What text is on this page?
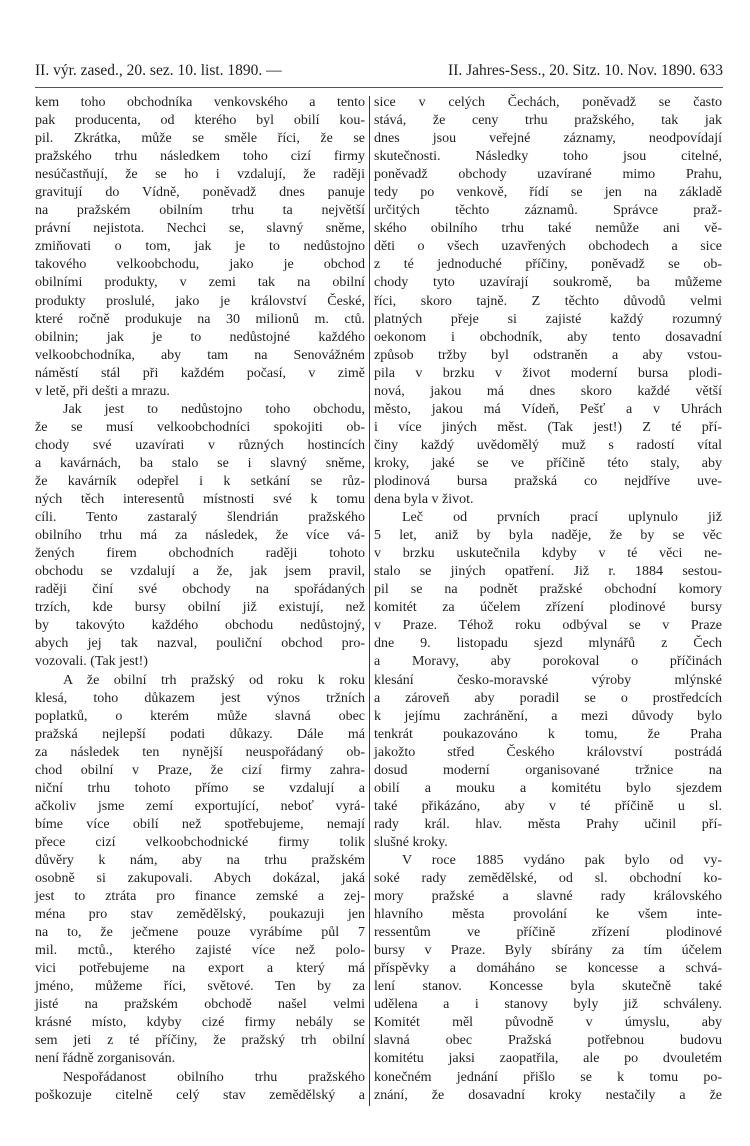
II. výr. zased., 20. sez. 10. list. 1890. —	II. Jahres-Sess., 20. Sitz. 10. Nov. 1890. 633
kem toho obchodníka venkovského a tento
pak producenta, od kterého byl obilí kou-
pil. Zkrátka, může se směle říci, že se
pražského trhu následkem toho cizí firmy
nesúčastňují, že se ho i vzdalují, že raději
gravitují do Vídně, poněvadž dnes panuje
na pražském obilním trhu ta největší
právní nejistota. Nechci se, slavný sněme,
zmiňovati o tom, jak je to nedůstojno
takového velkoobchodu, jako je obchod
obilními produkty, v zemi tak na obilní
produkty proslulé, jako je království České,
které ročně produkuje na 30 milionů m. ctů.
obilnin; jak je to nedůstojné každého
velkoobchodníka, aby tam na Senovážném
náměstí stál při každém počasí, v zimě
v letě, při dešti a mrazu.
Jak jest to nedůstojno toho obchodu,
že se musí velkoobchodníci spokojiti ob-
chody své uzavírati v různých hostincích
a kavárnách, ba stalo se i slavný sněme,
že kavárník odepřel i k setkání se růz-
ných těch interesentů místnosti své k tomu
cíli. Tento zastaralý šlendrián pražského
obilního trhu má za následek, že více vá-
žených firem obchodních raději tohoto
obchodu se vzdalují a že, jak jsem pravil,
raději činí své obchody na spořádaných
trzích, kde bursy obilní již existují, než
by takovýto každého obchodu nedůstojný,
abych jej tak nazval, pouliční obchod pro-
vozovali. (Tak jest!)
A že obilní trh pražský od roku k roku
klesá, toho důkazem jest výnos tržních
poplatků, o kterém může slavná obec
pražská nejlepší podati důkazy. Dále má
za následek ten nynější neuspořádaný ob-
chod obilní v Praze, že cizí firmy zahra-
niční trhu tohoto přímo se vzdalují a
ačkoliv jsme zemí exportující, neboť vyrá-
bíme více obilí než spotřebujeme, nemají
přece cizí velkoobchodnické firmy tolik
důvěry k nám, aby na trhu pražském
osobně si zakupovali. Abych dokázal, jaká
jest to ztráta pro finance zemské a zej-
ména pro stav zemědělský, poukazuji jen
na to, že ječmene pouze vyrábíme půl 7
mil. mctů., kterého zajisté více než polo-
vici potřebujeme na export a který má
jméno, můžeme říci, světové. Ten by za
jisté na pražském obchodě našel velmi
krásné místo, kdyby cizé firmy nebály se
sem jeti z té příčiny, že pražský trh obilní
není řádně zorganisován.
Nespořádanost obilního trhu pražského
poškozuje citelně celý stav zemědělský a
sice v celých Čechách, poněvadž se často
stává, že ceny trhu pražského, tak jak
dnes jsou veřejné záznamy, neodpovídají
skutečnosti. Následky toho jsou citelné,
poněvadž obchody uzavírané mimo Prahu,
tedy po venkově, řídí se jen na základě
určitých těchto záznamů. Správce praž-
ského obilního trhu také nemůže ani vě-
děti o všech uzavřených obchodech a sice
z té jednoduché příčiny, poněvadž se ob-
chody tyto uzavírají soukromě, ba můžeme
říci, skoro tajně. Z těchto důvodů velmi
platných přeje si zajisté každý rozumný
oekonom i obchodník, aby tento dosavadní
způsob tržby byl odstraněn a aby vstou-
pila v brzku v život moderní bursa plodi-
nová, jakou má dnes skoro každé větší
město, jakou má Vídeň, Pešť a v Uhrách
i více jiných měst. (Tak jest!) Z té pří-
činy každý uvědomělý muž s radostí vítal
kroky, jaké se ve příčině této staly, aby
plodinová bursa pražská co nejdříve uve-
dena byla v život.
Leč od prvních prací uplynulo již
5 let, aniž by byla naděje, že by se věc
v brzku uskutečnila kdyby v té věci ne-
stalo se jiných opatření. Již r. 1884 sestou-
pil se na podnět pražské obchodní komory
komitét za účelem zřízení plodinové bursy
v Praze. Téhož roku odbýval se v Praze
dne 9. listopadu sjezd mlynářů z Čech
a Moravy, aby porokoval o příčinách
klesání česko-moravské výroby mlýnské
a zároveň aby poradil se o prostředcích
k jejímu zachránění, a mezi důvody bylo
tenkrát poukazováno k tomu, že Praha
jakožto střed Českého království postrádá
dosud moderní organisované tržnice na
obilí a mouku a komitétu bylo sjezdem
také přikázáno, aby v té příčině u sl.
rady král. hlav. města Prahy učinil pří-
slušné kroky.
V roce 1885 vydáno pak bylo od vy-
soké rady zemědělské, od sl. obchodní ko-
mory pražské a slavné rady královského
hlavního města provolání ke všem inte-
ressentům ve příčině zřízení plodinové
bursy v Praze. Byly sbírány za tím účelem
příspěvky a domáháno se koncesse a schvá-
lení stanov. Koncesse byla skutečně také
udělena a i stanovy byly již schváleny.
Komitét měl původně v úmyslu, aby
slavná obec Pražská potřebnou budovu
komitétu jaksi zaopatřila, ale po dvouletém
konečném jednání přišlo se k tomu po-
znání, že dosavadní kroky nestačily a že
